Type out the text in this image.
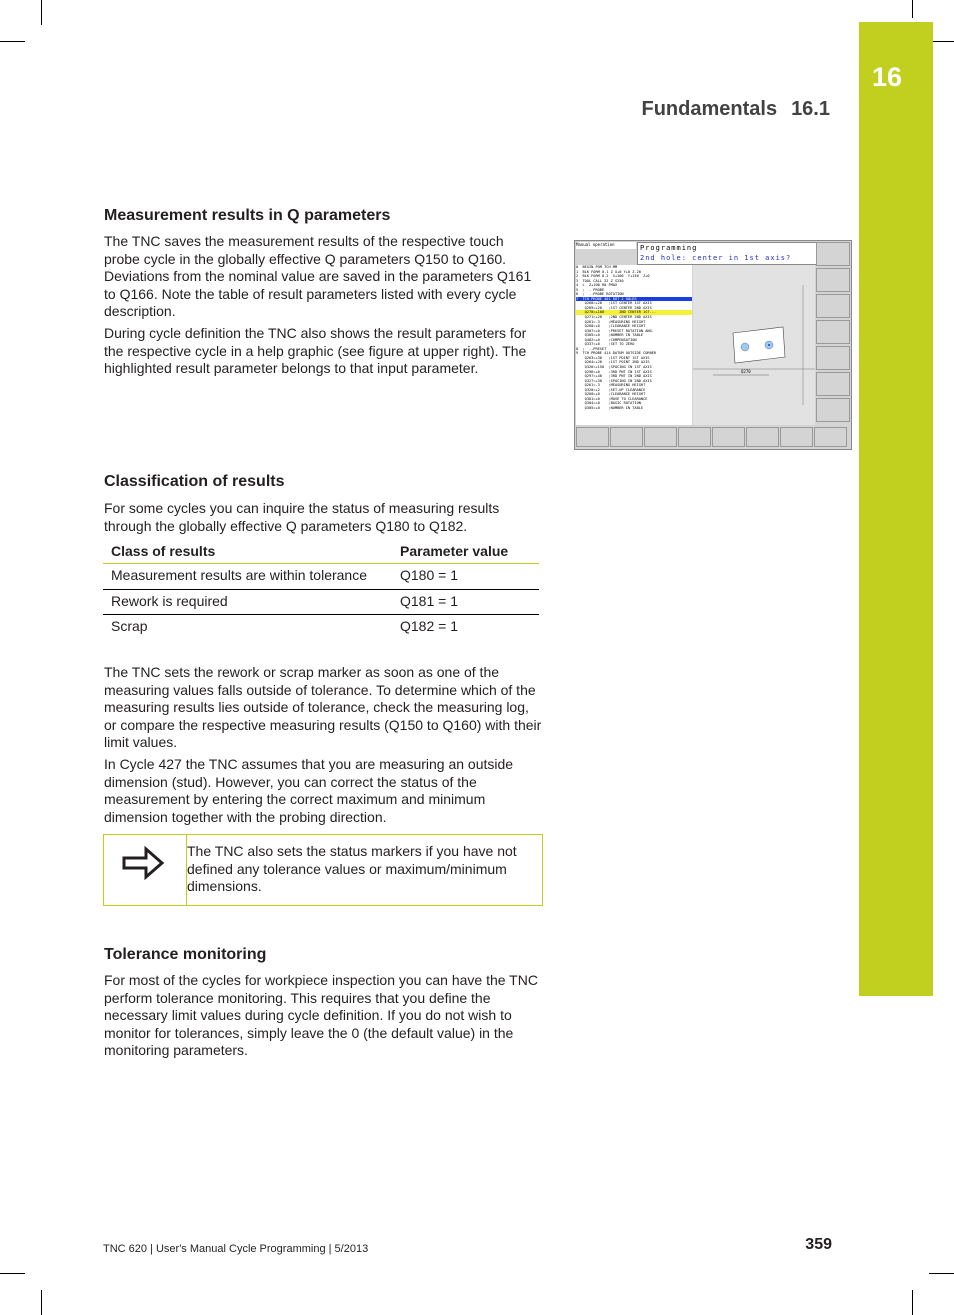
16
Fundamentals 16.1
Measurement results in Q parameters

The TNC saves the measurement results of the respective touch probe cycle in the globally effective Q parameters Q150 to Q160. Deviations from the nominal value are saved in the parameters Q161 to Q166. Note the table of result parameters listed with every cycle description.

During cycle definition the TNC also shows the result parameters for the respective cycle in a help graphic (see figure at upper right). The highlighted result parameter belongs to that input parameter.

Manual operation	Programming
2nd hole: center in 1st axis?
0  BEGIN PGM TCH MM
1  BLK FORM 0.1 Z X+0 Y+0 Z-20
2  BLK FORM 0.2  X+100  Y+150  Z+0
3  TOOL CALL 22 Z S250
4  L  Z+100 R0 FMAX
5  ;  - PROBE
6  ;  --PROBE ROTATION
7  TCH PROBE 401 ROT 2 HOLES
Q268=+20   ;1ST CENTER 1ST AXIS
Q269=+20   ;1ST CENTER 2ND AXIS
Q270=+100       2ND CENTER 1ST...
Q271=+20   ;2ND CENTER 2ND AXIS
Q261=-3    ;MEASURING HEIGHT
Q260=+0    ;CLEARANCE HEIGHT
Q307=+0    ;PRESET ROTATION ANG.
Q305=+0    ;NUMBER IN TABLE
Q402=+0    ;COMPENSATION
Q337=+0    ;SET TO ZERO
8  ;  --PRESET
9  TCH PROBE 414 DATUM OUTSIDE CORNER
Q263=+30   ;1ST POINT 1ST AXIS
Q264=+20   ;1ST POINT 2ND AXIS
Q326=+150  ;SPACING IN 1ST AXIS
Q296=+0    ;3RD PNT IN 1ST AXIS
Q297=+40   ;3RD PNT IN 2ND AXIS
Q327=+30   ;SPACING IN 2ND AXIS
Q261=-3    ;MEASURING HEIGHT
Q320=+2    ;SET-UP CLEARANCE
Q260=+0    ;CLEARANCE HEIGHT
Q301=+0    ;MOVE TO CLEARANCE
Q304=+0    ;BASIC ROTATION
Q305=+0    ;NUMBER IN TABLE
Q270
Classification of results

For some cycles you can inquire the status of measuring results through the globally effective Q parameters Q180 to Q182.

Class of results	Parameter value
Measurement results are within tolerance	Q180 = 1
Rework is required	Q181 = 1
Scrap	Q182 = 1

The TNC sets the rework or scrap marker as soon as one of the measuring values falls outside of tolerance. To determine which of the measuring results lies outside of tolerance, check the measuring log, or compare the respective measuring results (Q150 to Q160) with their limit values.

In Cycle 427 the TNC assumes that you are measuring an outside dimension (stud). However, you can correct the status of the measurement by entering the correct maximum and minimum dimension together with the probing direction.

The TNC also sets the status markers if you have not defined any tolerance values or maximum/minimum dimensions.
Tolerance monitoring

For most of the cycles for workpiece inspection you can have the TNC perform tolerance monitoring. This requires that you define the necessary limit values during cycle definition. If you do not wish to monitor for tolerances, simply leave the 0 (the default value) in the monitoring parameters.

TNC 620 | User's Manual Cycle Programming | 5/2013	359
